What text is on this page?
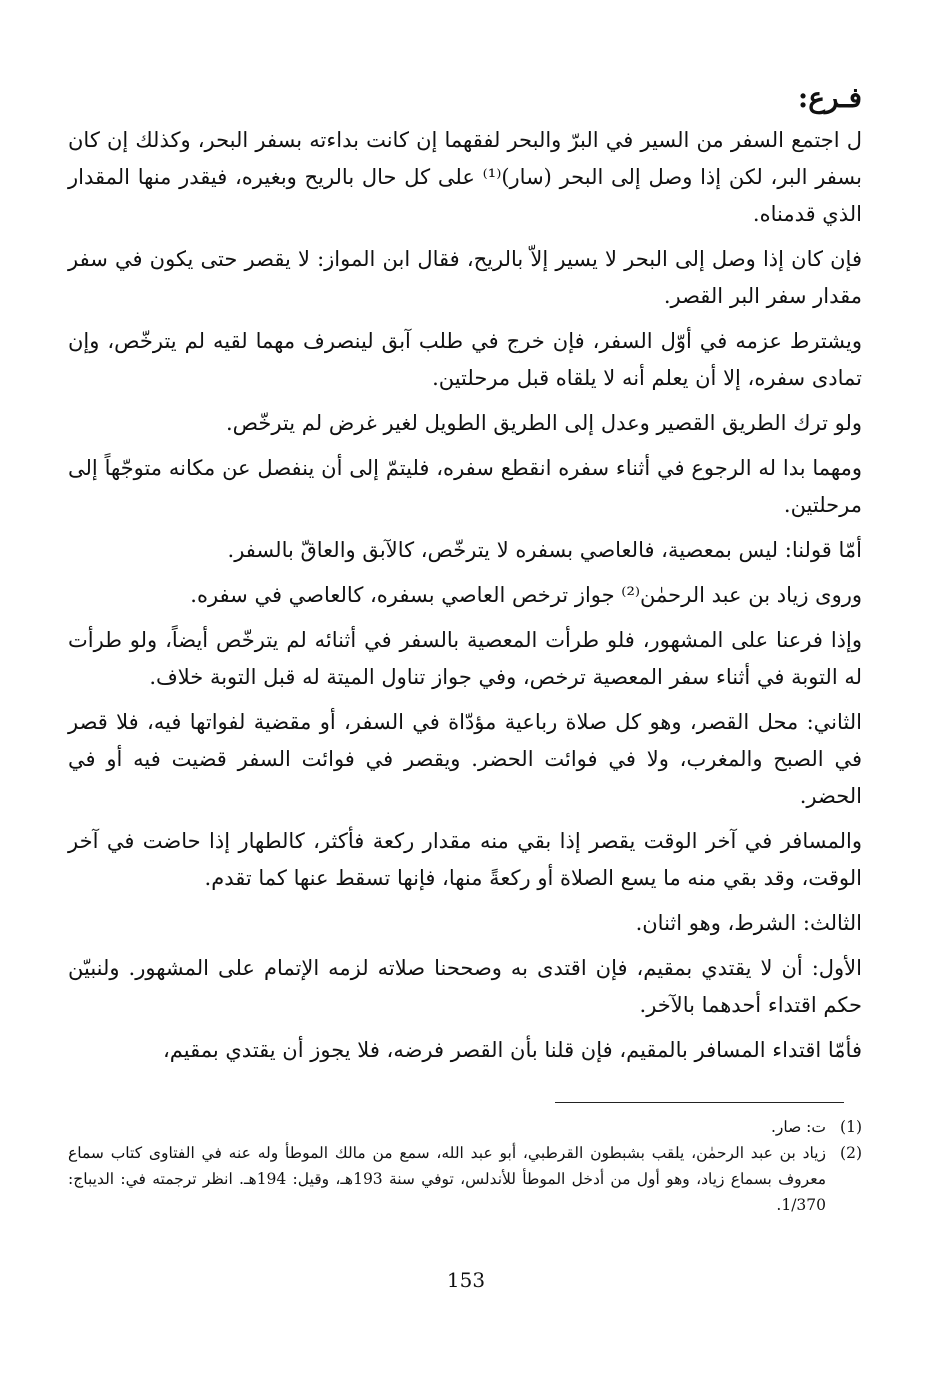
فـرع:

ل اجتمع السفر من السير في البرّ والبحر لفقهما إن كانت بداءته بسفر البحر، وكذلك إن كان بسفر البر، لكن إذا وصل إلى البحر (سار)⁽¹⁾ على كل حال بالريح وبغيره، فيقدر منها المقدار الذي قدمناه.

فإن كان إذا وصل إلى البحر لا يسير إلاّ بالريح، فقال ابن المواز: لا يقصر حتى يكون في سفر مقدار سفر البر القصر.

ويشترط عزمه في أوّل السفر، فإن خرج في طلب آبق لينصرف مهما لقيه لم يترخّص، وإن تمادى سفره، إلا أن يعلم أنه لا يلقاه قبل مرحلتين.

ولو ترك الطريق القصير وعدل إلى الطريق الطويل لغير غرض لم يترخّص.

ومهما بدا له الرجوع في أثناء سفره انقطع سفره، فليتمّ إلى أن ينفصل عن مكانه متوجّهاً إلى مرحلتين.

أمّا قولنا: ليس بمعصية، فالعاصي بسفره لا يترخّص، كالآبق والعاقّ بالسفر.

وروى زياد بن عبد الرحمٰن⁽²⁾ جواز ترخص العاصي بسفره، كالعاصي في سفره.

وإذا فرعنا على المشهور، فلو طرأت المعصية بالسفر في أثنائه لم يترخّص أيضاً، ولو طرأت له التوبة في أثناء سفر المعصية ترخص، وفي جواز تناول الميتة له قبل التوبة خلاف.

الثاني: محل القصر، وهو كل صلاة رباعية مؤدّاة في السفر، أو مقضية لفواتها فيه، فلا قصر في الصبح والمغرب، ولا في فوائت الحضر. ويقصر في فوائت السفر قضيت فيه أو في الحضر.

والمسافر في آخر الوقت يقصر إذا بقي منه مقدار ركعة فأكثر، كالطهار إذا حاضت في آخر الوقت، وقد بقي منه ما يسع الصلاة أو ركعةً منها، فإنها تسقط عنها كما تقدم.

الثالث: الشرط، وهو اثنان.

الأول: أن لا يقتدي بمقيم، فإن اقتدى به وصححنا صلاته لزمه الإتمام على المشهور. ولنبيّن حكم اقتداء أحدهما بالآخر.

فأمّا اقتداء المسافر بالمقيم، فإن قلنا بأن القصر فرضه، فلا يجوز أن يقتدي بمقيم،

(1)
ت: صار.
(2)
زياد بن عبد الرحمٰن، يلقب بشبطون القرطبي، أبو عبد الله، سمع من مالك الموطأ وله عنه في الفتاوى كتاب سماع معروف بسماع زياد، وهو أول من أدخل الموطأ للأندلس، توفي سنة 193هـ، وقيل: 194هـ. انظر ترجمته في: الديباج: 1/370.
153
